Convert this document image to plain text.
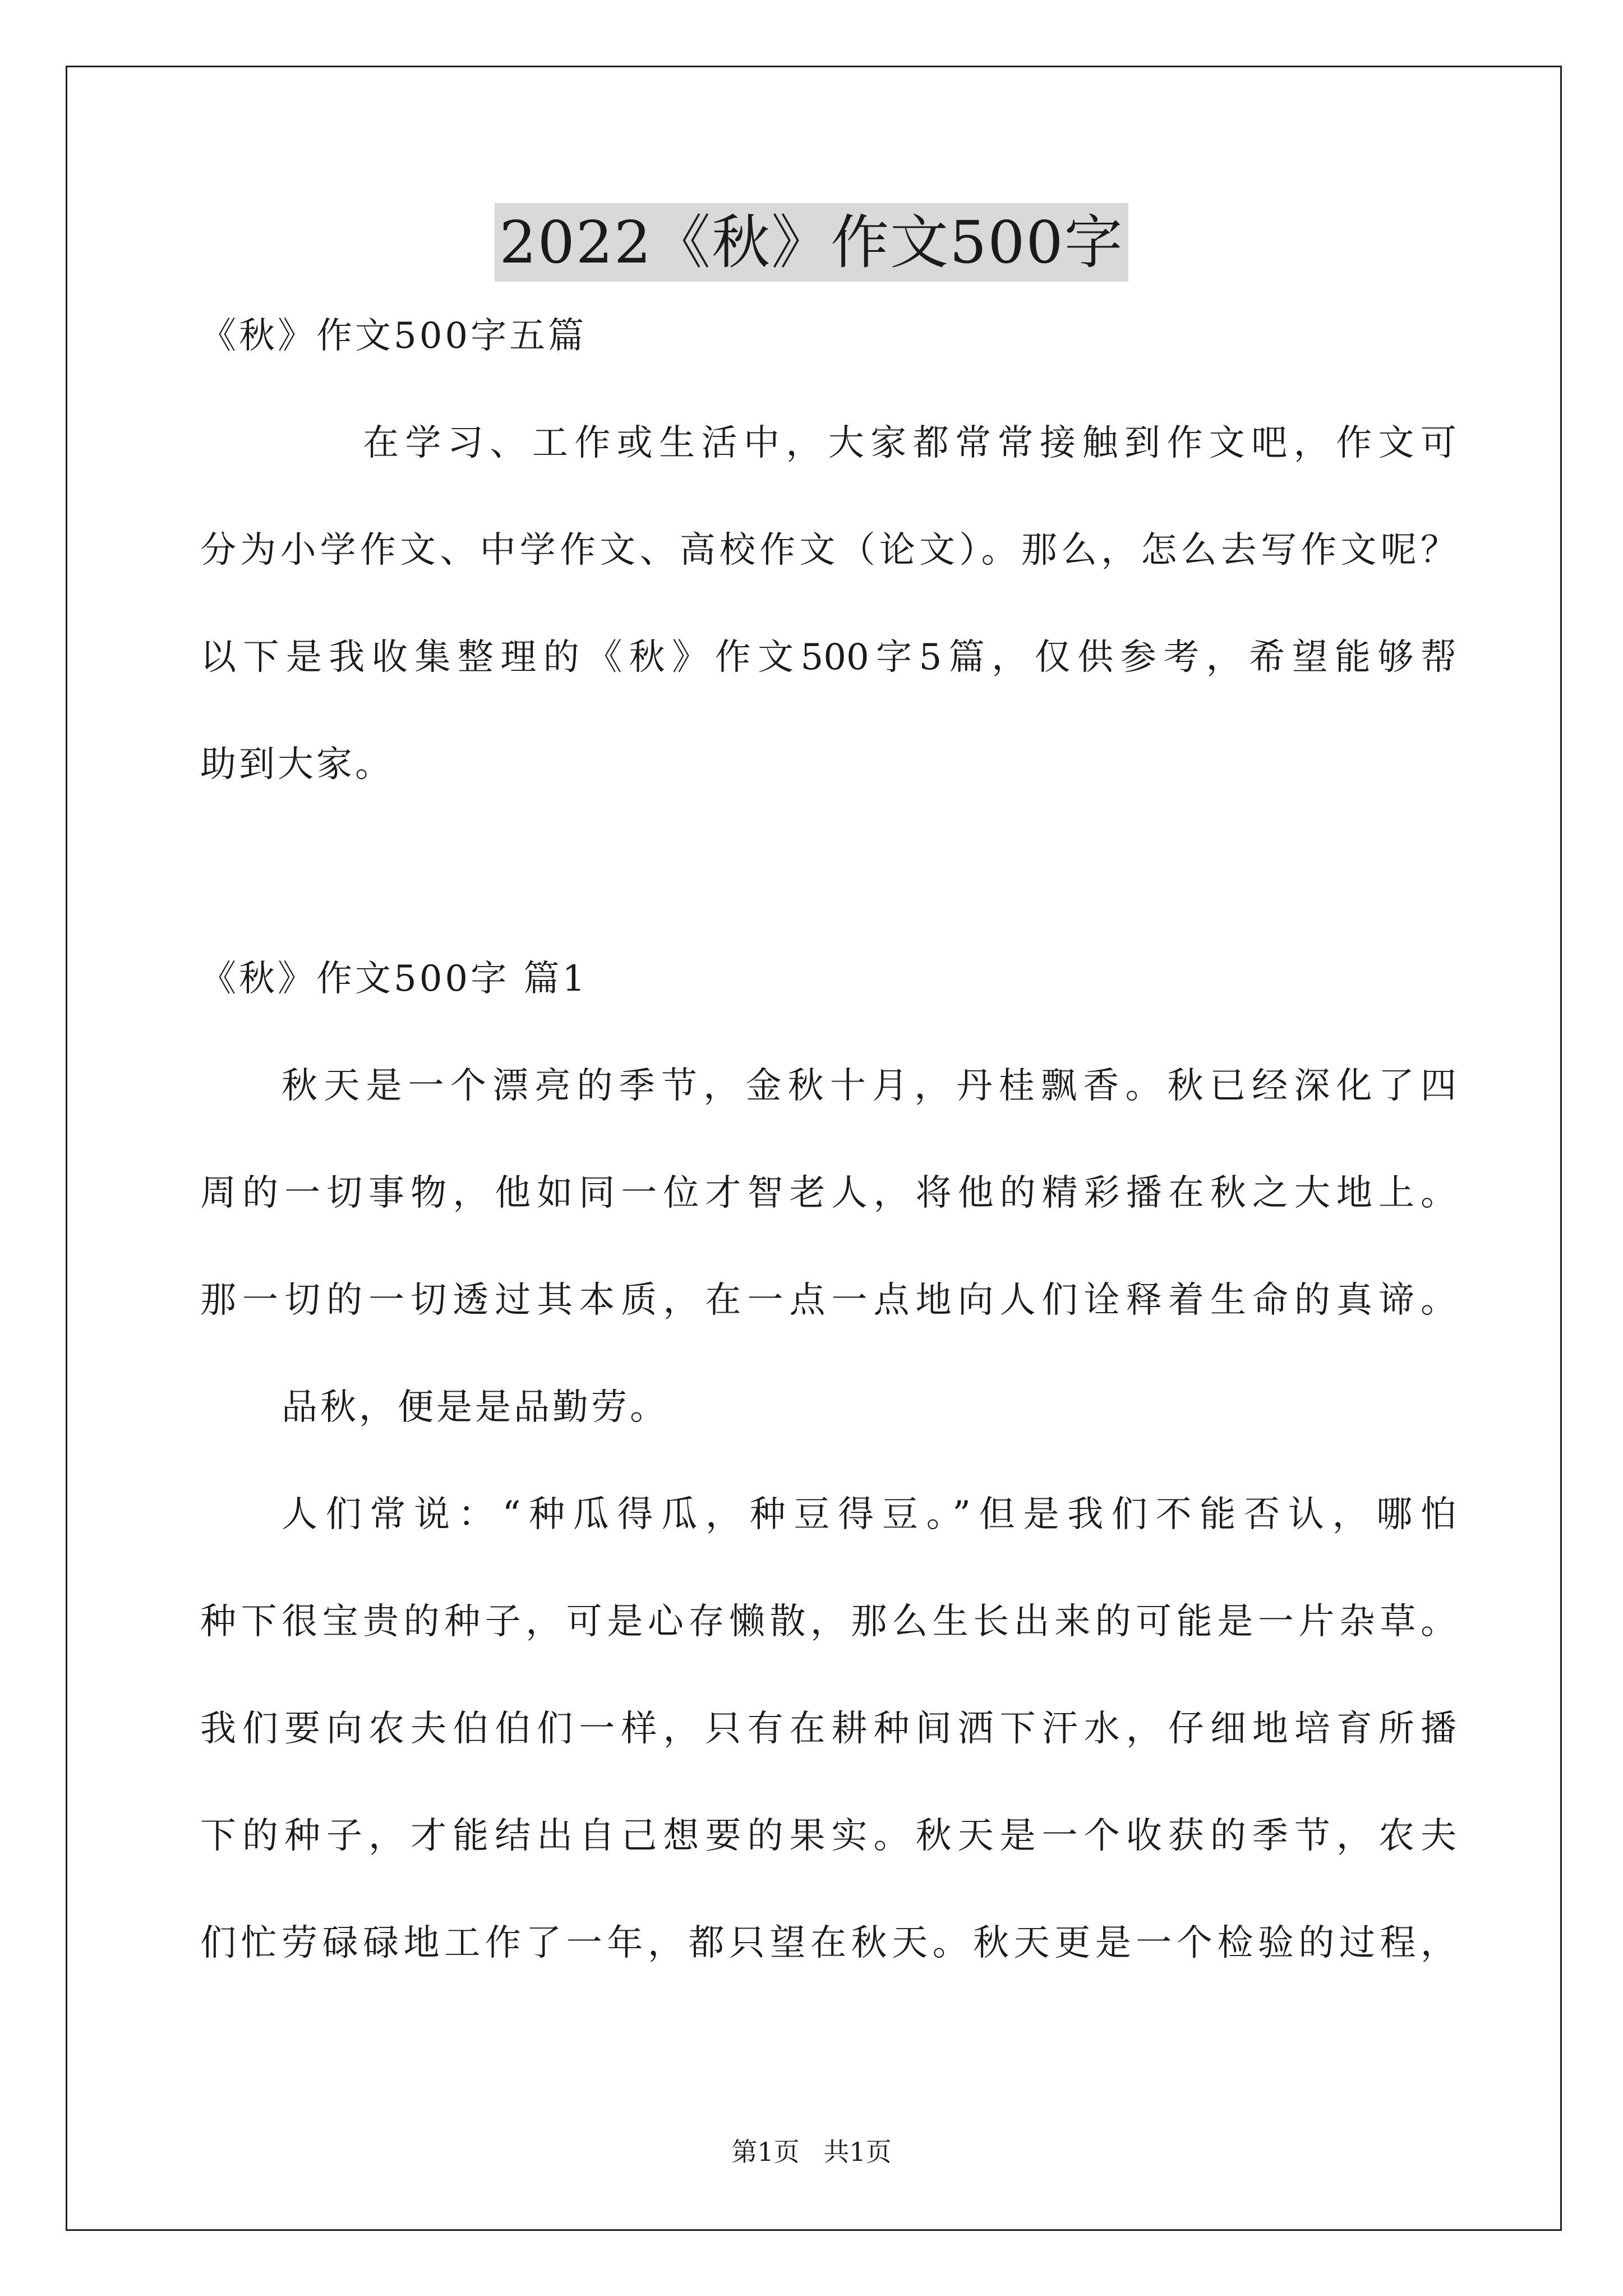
2022《秋》作文500字
《秋》作文500字五篇
在学习、工作或生活中，大家都常常接触到作文吧，作文可
分为小学作文、中学作文、高校作文（论文）。那么，怎么去写作文呢？
以下是我收集整理的《秋》作文500字5篇，仅供参考，希望能够帮
助到大家。
《秋》作文500字 篇1
秋天是一个漂亮的季节，金秋十月，丹桂飘香。秋已经深化了四
周的一切事物，他如同一位才智老人，将他的精彩播在秋之大地上。
那一切的一切透过其本质，在一点一点地向人们诠释着生命的真谛。
品秋，便是是品勤劳。
人们常说：“种瓜得瓜，种豆得豆。”但是我们不能否认，哪怕
种下很宝贵的种子，可是心存懒散，那么生长出来的可能是一片杂草。
我们要向农夫伯伯们一样，只有在耕种间洒下汗水，仔细地培育所播
下的种子，才能结出自己想要的果实。秋天是一个收获的季节，农夫
们忙劳碌碌地工作了一年，都只望在秋天。秋天更是一个检验的过程，
第1页 共1页
